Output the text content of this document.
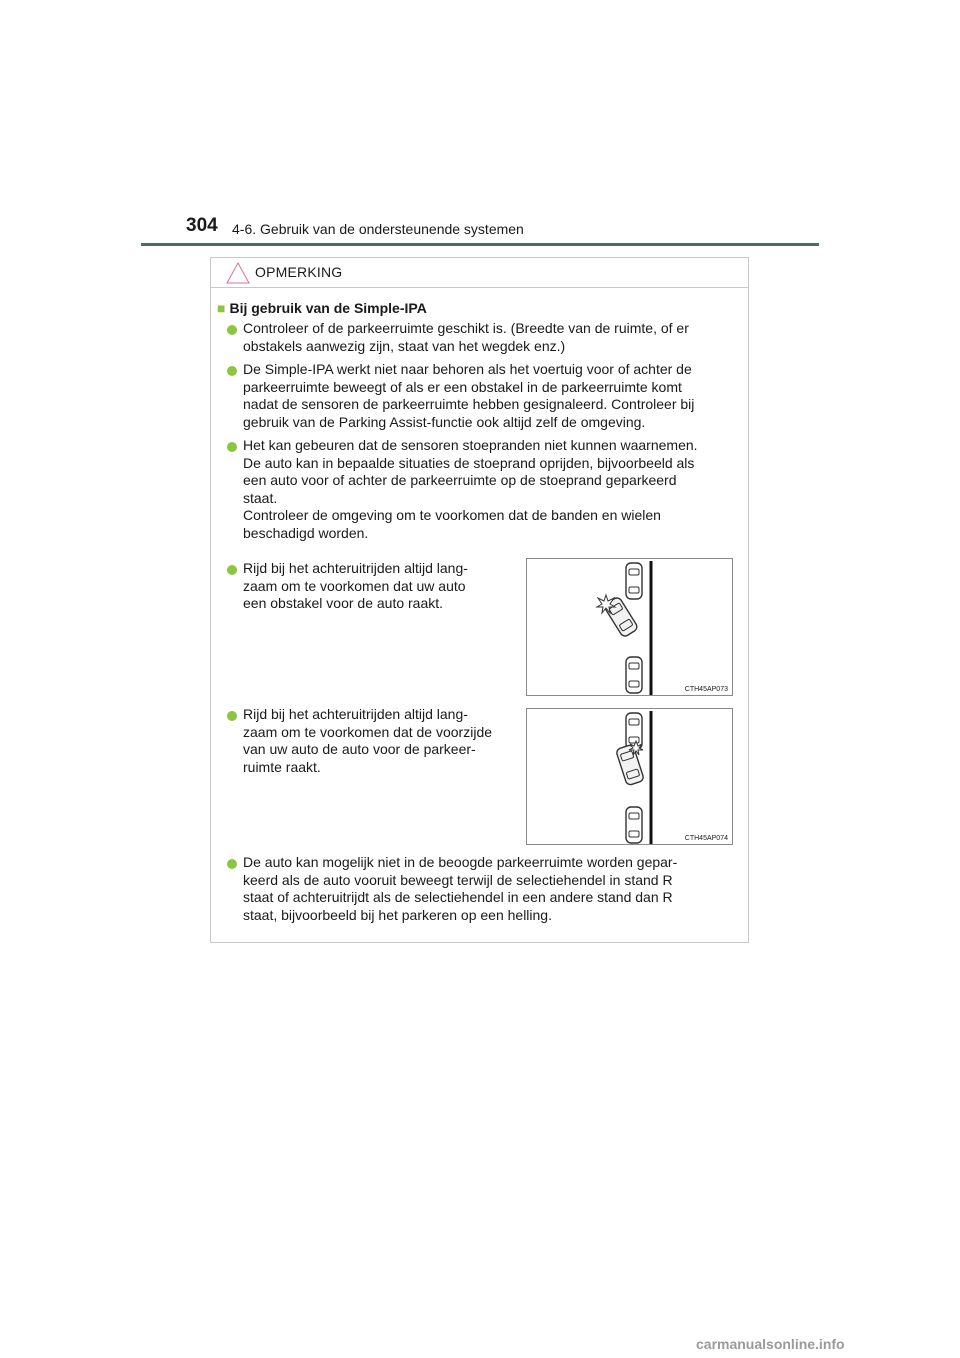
304 4-6. Gebruik van de ondersteunende systemen
OPMERKING
■ Bij gebruik van de Simple-IPA
Controleer of de parkeerruimte geschikt is. (Breedte van de ruimte, of er
obstakels aanwezig zijn, staat van het wegdek enz.)
De Simple-IPA werkt niet naar behoren als het voertuig voor of achter de
parkeerruimte beweegt of als er een obstakel in de parkeerruimte komt
nadat de sensoren de parkeerruimte hebben gesignaleerd. Controleer bij
gebruik van de Parking Assist-functie ook altijd zelf de omgeving.
Het kan gebeuren dat de sensoren stoepranden niet kunnen waarnemen.
De auto kan in bepaalde situaties de stoeprand oprijden, bijvoorbeeld als
een auto voor of achter de parkeerruimte op de stoeprand geparkeerd
staat.
Controleer de omgeving om te voorkomen dat de banden en wielen
beschadigd worden.
Rijd bij het achteruitrijden altijd lang-
zaam om te voorkomen dat uw auto
een obstakel voor de auto raakt.
Rijd bij het achteruitrijden altijd lang-
zaam om te voorkomen dat de voorzijde
van uw auto de auto voor de parkeer-
ruimte raakt.
De auto kan mogelijk niet in de beoogde parkeerruimte worden gepar-
keerd als de auto vooruit beweegt terwijl de selectiehendel in stand R
staat of achteruitrijdt als de selectiehendel in een andere stand dan R
staat, bijvoorbeeld bij het parkeren op een helling.
CTH45AP073
CTH45AP074
carmanualsonline.info
